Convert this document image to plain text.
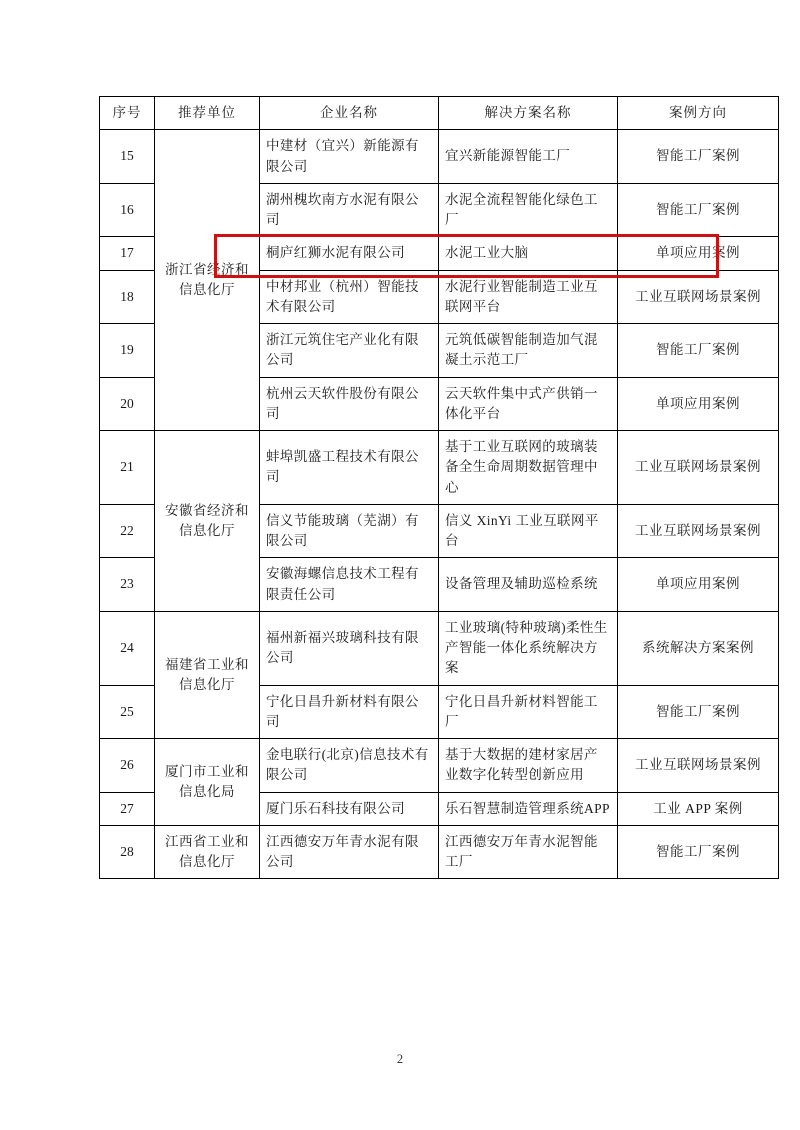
序号	推荐单位	企业名称	解决方案名称	案例方向
15	浙江省经济和信息化厅	中建材（宜兴）新能源有限公司	宜兴新能源智能工厂	智能工厂案例
16		湖州槐坎南方水泥有限公司	水泥全流程智能化绿色工厂	智能工厂案例
17		桐庐红狮水泥有限公司	水泥工业大脑	单项应用案例
18		中材邦业（杭州）智能技术有限公司	水泥行业智能制造工业互联网平台	工业互联网场景案例
19		浙江元筑住宅产业化有限公司	元筑低碳智能制造加气混凝土示范工厂	智能工厂案例
20		杭州云天软件股份有限公司	云天软件集中式产供销一体化平台	单项应用案例
21	安徽省经济和信息化厅	蚌埠凯盛工程技术有限公司	基于工业互联网的玻璃装备全生命周期数据管理中心	工业互联网场景案例
22		信义节能玻璃（芜湖）有限公司	信义 XinYi 工业互联网平台	工业互联网场景案例
23		安徽海螺信息技术工程有限责任公司	设备管理及辅助巡检系统	单项应用案例
24	福建省工业和信息化厅	福州新福兴玻璃科技有限公司	工业玻璃(特种玻璃)柔性生产智能一体化系统解决方案	系统解决方案案例
25		宁化日昌升新材料有限公司	宁化日昌升新材料智能工厂	智能工厂案例
26	厦门市工业和信息化局	金电联行(北京)信息技术有限公司	基于大数据的建材家居产业数字化转型创新应用	工业互联网场景案例
27		厦门乐石科技有限公司	乐石智慧制造管理系统APP	工业 APP 案例
28	江西省工业和信息化厅	江西德安万年青水泥有限公司	江西德安万年青水泥智能工厂	智能工厂案例
2
